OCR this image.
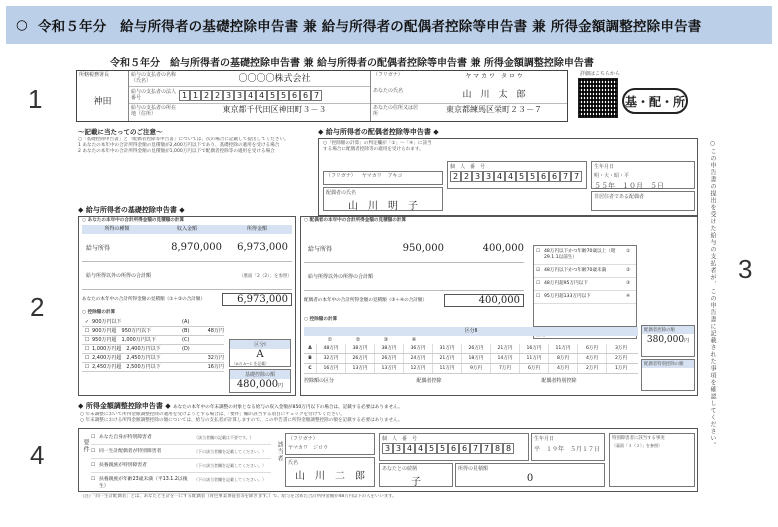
○ 令和５年分　給与所得者の基礎控除申告書 兼 給与所得者の配偶者控除等申告書 兼 所得金額調整控除申告書
1
2
3
4
令和５年分　給与所得者の基礎控除申告書 兼 給与所得者の配偶者控除等申告書 兼 所得金額調整控除申告書
所轄税務署長
神田
給与の支払者の名称（氏名）	〇〇〇〇株式会社
給与の支払者の法人番号	1 1 2 2 3 3 4 4 5 5 6 6 7
給与の支払者の所在地（住所）	東京都千代田区神田町３－３
（フリガナ）	ヤ マ カ ワ　タ ロ ウ
あなたの氏名	山　川　太　郎
あなたの住所又は居所	東京都練馬区栄町２３－７
詳細はこちらから
基・配・所
～記載に当たってのご注意～
○「基礎控除申告書」と「配偶者控除等申告書」については、次の場合に記載して提出してください。
1 あなたの本年中の合計所得金額の見積額が2,400万円以下であり、基礎控除の適用を受ける場合
2 あなたの本年中の合計所得金額の見積額が1,000万円以下で配偶者控除等の適用を受ける場合
◆ 給与所得者の配偶者控除等申告書 ◆
○「控除額の計算」の判定欄が「①」～「④」に該当する場合に配偶者控除等の適用を受けられます。
（フリガナ） ヤマカワ アキコ
配偶者の氏名
山　川　明　子
個　人　番　号
2 2 3 3 4 4 5 5 6 6 7 7
生年月日
明・大・昭・平
５５年　１０月　５日
非居住者である配偶者
◆ 給与所得者の基礎控除申告書 ◆
○ あなたの本年中の合計所得金額の見積額の計算
所得の種類	収入金額	所得金額
給与所得	8,970,000	6,973,000
給与所得以外の所得の合計額	（裏面「2（2）」を参照）
あなたの本年中の合計所得金額の見積額（①＋②の合計額）	6,973,000
○ 控除額の計算
✓ 900万円以下	(A)
☐ 900万円超　950万円以下	(B)	48万円
☐ 950万円超　1,000万円以下	(C)
☐ 1,000万円超　2,400万円以下	(D)
☐ 2,400万円超　2,450万円以下	32万円
☐ 2,450万円超　2,500万円以下	16万円
区分Ⅰ
A
（Aの A～C を記載）
基礎控除の額
480,000円
○ 配偶者の本年中の合計所得金額の見積額の計算
給与所得	950,000	400,000
給与所得以外の所得の合計額
配偶者の本年中の合計所得金額の見積額（③＋④の合計額）	400,000
☐ 48万円以下かつ年齢70歳以上（昭29.1.1以前生）
①
☑ 48万円以下かつ年齢70歳未満	②
☐ 48万円超95万円以下	③
☐ 95万円超133万円以下	④
○ 控除額の計算
区分Ⅱ
①	②	③	④
A	48万円	38万円	38万円	36万円	31万円	26万円	21万円	16万円	11万円	6万円	3万円
B	32万円	26万円	26万円	24万円	21万円	18万円	14万円	11万円	8万円	4万円	2万円
C	16万円	13万円	13万円	12万円	11万円	9万円	7万円	6万円	4万円	2万円	1万円
控除額の区分	配偶者控除	配偶者特別控除
配偶者控除の額
380,000円
配偶者特別控除の額	○この申告書の提出を受けた給与の支払者が、この申告書に記載された事項を確認してください。
◆ 所得金額調整控除申告書 ◆ あなたの本年中の年末調整の対象となる給与の収入金額が850万円以下の場合は、記載する必要はありません。
○ 年末調整において所得金額調整控除の適用を受けようとする場合は、「要件」欄の該当する項目にチェックを付けてください。
○ 年末調整における所得金額調整控除の額については、給与の支払者が計算しますので、この申告書に所得金額調整控除の額を記載する必要はありません。
要件
☐ あなた自身が特別障害者	（該当者欄の記載は不要です。）
☐ 同一生計配偶者が特別障害者	（下の該当者欄を記載してください。）
☐ 扶養親族が特別障害者	（下の該当者欄を記載してください。）
☐ 扶養親族が年齢23歳未満（平13.1.2以後生）
（下の該当者欄を記載してください。）
該当者
（フリガナ）
ヤマカワ　ジロウ
氏名
山　川　二　郎
個　人　番　号
3 3 4 4 5 5 6 6 7 7 8 8
生年月日
平　１９年　５月１７日
あなたとの続柄
子
所得の見積額
0
特別障害者に該当する事実
（裏面「３（２）」を参照）
（注）「同一生計配偶者」とは、あなたと生計を一にする配偶者（青色事業専従者等を除きます。）で、給与を含めた合計所得金額が48万円以下の人をいいます。
